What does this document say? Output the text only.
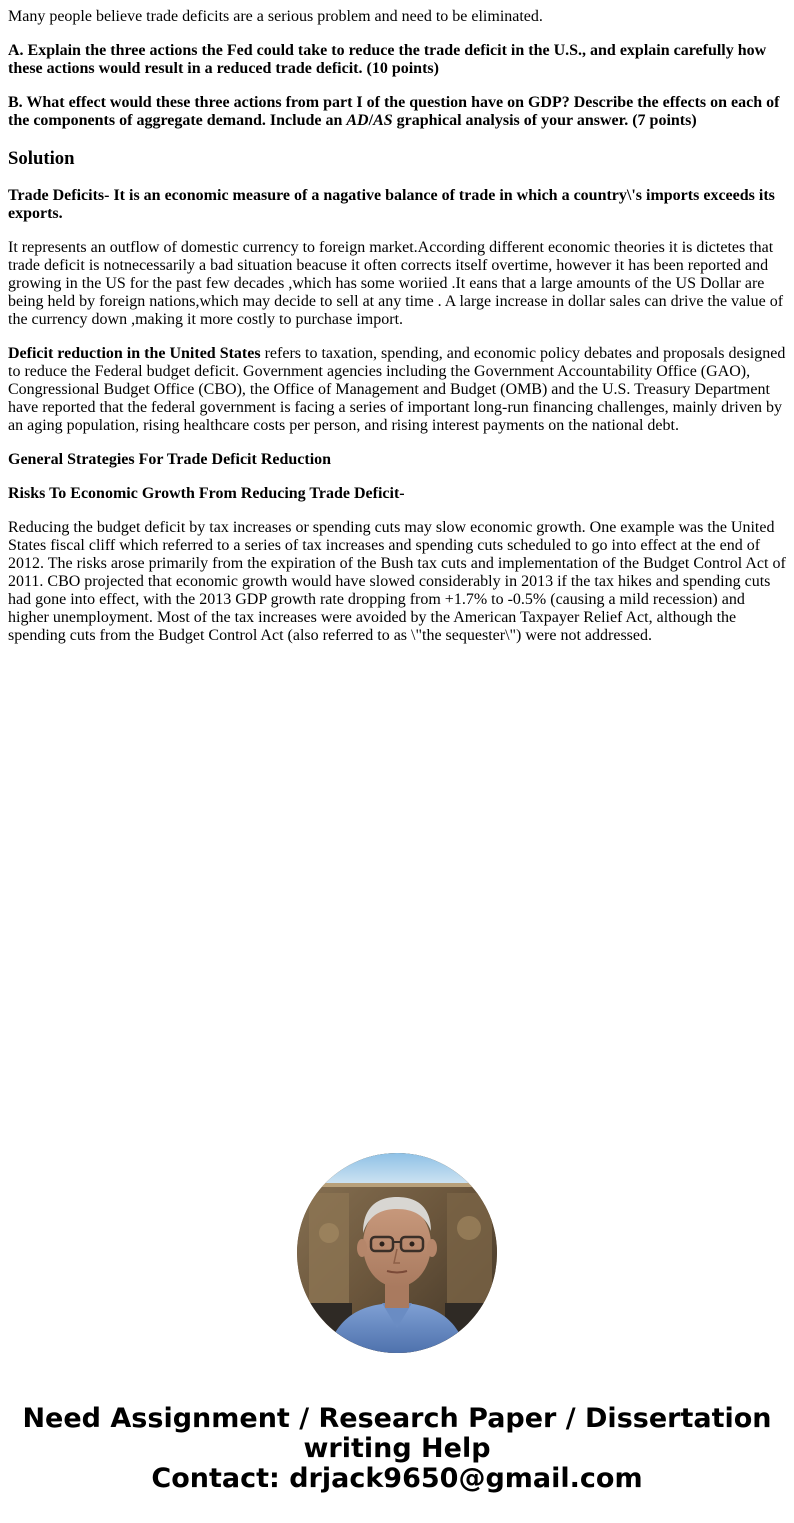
Many people believe trade deficits are a serious problem and need to be eliminated.

A. Explain the three actions the Fed could take to reduce the trade deficit in the U.S., and explain carefully how these actions would result in a reduced trade deficit. (10 points)

B. What effect would these three actions from part I of the question have on GDP? Describe the effects on each of the components of aggregate demand. Include an AD/AS graphical analysis of your answer. (7 points)

Solution

Trade Deficits- It is an economic measure of a nagative balance of trade in which a country\'s imports exceeds its exports.

It represents an outflow of domestic currency to foreign market.According different economic theories it is dictetes that trade deficit is notnecessarily a bad situation beacuse it often corrects itself overtime, however it has been reported and growing in the US for the past few decades ,which has some woriied .It eans that a large amounts of the US Dollar are being held by foreign nations,which may decide to sell at any time . A large increase in dollar sales can drive the value of the currency down ,making it more costly to purchase import.

Deficit reduction in the United States refers to taxation, spending, and economic policy debates and proposals designed to reduce the Federal budget deficit. Government agencies including the Government Accountability Office (GAO), Congressional Budget Office (CBO), the Office of Management and Budget (OMB) and the U.S. Treasury Department have reported that the federal government is facing a series of important long-run financing challenges, mainly driven by an aging population, rising healthcare costs per person, and rising interest payments on the national debt.

General Strategies For Trade Deficit Reduction

Risks To Economic Growth From Reducing Trade Deficit-

Reducing the budget deficit by tax increases or spending cuts may slow economic growth. One example was the United States fiscal cliff which referred to a series of tax increases and spending cuts scheduled to go into effect at the end of 2012. The risks arose primarily from the expiration of the Bush tax cuts and implementation of the Budget Control Act of 2011. CBO projected that economic growth would have slowed considerably in 2013 if the tax hikes and spending cuts had gone into effect, with the 2013 GDP growth rate dropping from +1.7% to -0.5% (causing a mild recession) and higher unemployment. Most of the tax increases were avoided by the American Taxpayer Relief Act, although the spending cuts from the Budget Control Act (also referred to as \"the sequester\") were not addressed.

Need Assignment / Research Paper / Dissertation
writing Help
Contact: drjack9650@gmail.com
